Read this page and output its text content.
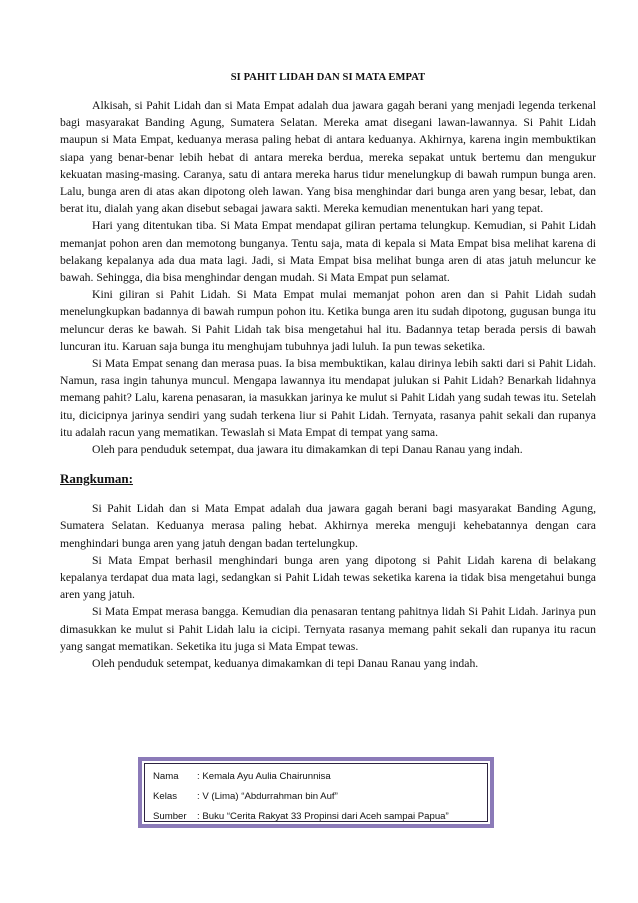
SI PAHIT LIDAH DAN SI MATA EMPAT

Alkisah, si Pahit Lidah dan si Mata Empat adalah dua jawara gagah berani yang menjadi legenda terkenal bagi masyarakat Banding Agung, Sumatera Selatan. Mereka amat disegani lawan-lawannya. Si Pahit Lidah maupun si Mata Empat, keduanya merasa paling hebat di antara keduanya. Akhirnya, karena ingin membuktikan siapa yang benar-benar lebih hebat di antara mereka berdua, mereka sepakat untuk bertemu dan mengukur kekuatan masing-masing. Caranya, satu di antara mereka harus tidur menelungkup di bawah rumpun bunga aren. Lalu, bunga aren di atas akan dipotong oleh lawan. Yang bisa menghindar dari bunga aren yang besar, lebat, dan berat itu, dialah yang akan disebut sebagai jawara sakti. Mereka kemudian menentukan hari yang tepat.

Hari yang ditentukan tiba. Si Mata Empat mendapat giliran pertama telungkup. Kemudian, si Pahit Lidah memanjat pohon aren dan memotong bunganya. Tentu saja, mata di kepala si Mata Empat bisa melihat karena di belakang kepalanya ada dua mata lagi. Jadi, si Mata Empat bisa melihat bunga aren di atas jatuh meluncur ke bawah. Sehingga, dia bisa menghindar dengan mudah. Si Mata Empat pun selamat.

Kini giliran si Pahit Lidah. Si Mata Empat mulai memanjat pohon aren dan si Pahit Lidah sudah menelungkupkan badannya di bawah rumpun pohon itu. Ketika bunga aren itu sudah dipotong, gugusan bunga itu meluncur deras ke bawah. Si Pahit Lidah tak bisa mengetahui hal itu. Badannya tetap berada persis di bawah luncuran itu. Karuan saja bunga itu menghujam tubuhnya jadi luluh. Ia pun tewas seketika.

Si Mata Empat senang dan merasa puas. Ia bisa membuktikan, kalau dirinya lebih sakti dari si Pahit Lidah. Namun, rasa ingin tahunya muncul. Mengapa lawannya itu mendapat julukan si Pahit Lidah? Benarkah lidahnya memang pahit? Lalu, karena penasaran, ia masukkan jarinya ke mulut si Pahit Lidah yang sudah tewas itu. Setelah itu, dicicipnya jarinya sendiri yang sudah terkena liur si Pahit Lidah. Ternyata, rasanya pahit sekali dan rupanya itu adalah racun yang mematikan. Tewaslah si Mata Empat di tempat yang sama.

Oleh para penduduk setempat, dua jawara itu dimakamkan di tepi Danau Ranau yang indah.

Rangkuman:

Si Pahit Lidah dan si Mata Empat adalah dua jawara gagah berani bagi masyarakat Banding Agung, Sumatera Selatan. Keduanya merasa paling hebat. Akhirnya mereka menguji kehebatannya dengan cara menghindari bunga aren yang jatuh dengan badan tertelungkup.

Si Mata Empat berhasil menghindari bunga aren yang dipotong si Pahit Lidah karena di belakang kepalanya terdapat dua mata lagi, sedangkan si Pahit Lidah tewas seketika karena ia tidak bisa mengetahui bunga aren yang jatuh.

Si Mata Empat merasa bangga. Kemudian dia penasaran tentang pahitnya lidah Si Pahit Lidah. Jarinya pun dimasukkan ke mulut si Pahit Lidah lalu ia cicipi. Ternyata rasanya memang pahit sekali dan rupanya itu racun yang sangat mematikan. Seketika itu juga si Mata Empat tewas.

Oleh penduduk setempat, keduanya dimakamkan di tepi Danau Ranau yang indah.

Nama : Kemala Ayu Aulia Chairunnisa
Kelas : V (Lima) “Abdurrahman bin Auf”
Sumber : Buku “Cerita Rakyat 33 Propinsi dari Aceh sampai Papua”
